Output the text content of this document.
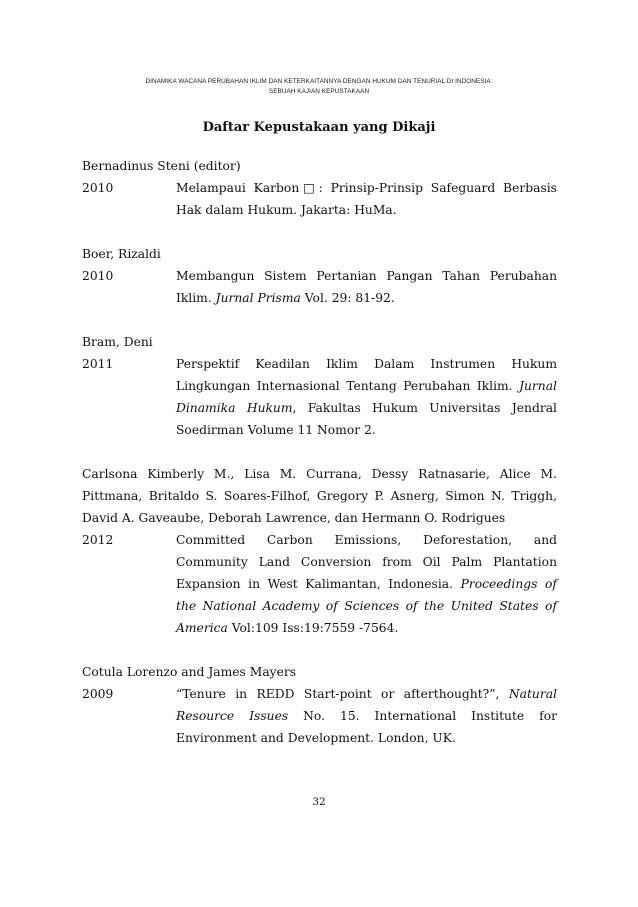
DINAMIKA WACANA PERUBAHAN IKLIM DAN KETERKAITANNYA DENGAN HUKUM DAN TENURIAL DI INDONESIA:
SEBUAH KAJIAN KEPUSTAKAAN
Daftar Kepustakaan yang Dikaji
Bernadinus Steni (editor)
2010	Melampaui Karbon□: Prinsip-Prinsip Safeguard Berbasis Hak dalam Hukum. Jakarta: HuMa.
Boer, Rizaldi
2010	Membangun Sistem Pertanian Pangan Tahan Perubahan Iklim. Jurnal Prisma Vol. 29: 81-92.
Bram, Deni
2011	Perspektif Keadilan Iklim Dalam Instrumen Hukum Lingkungan Internasional Tentang Perubahan Iklim. Jurnal Dinamika Hukum, Fakultas Hukum Universitas Jendral Soedirman Volume 11 Nomor 2.
Carlsona Kimberly M., Lisa M. Currana, Dessy Ratnasarie, Alice M. Pittmana, Britaldo S. Soares-Filhof, Gregory P. Asnerg, Simon N. Triggh, David A. Gaveaube, Deborah Lawrence, dan Hermann O. Rodrigues
2012	Committed Carbon Emissions, Deforestation, and Community Land Conversion from Oil Palm Plantation Expansion in West Kalimantan, Indonesia. Proceedings of the National Academy of Sciences of the United States of America Vol:109 Iss:19:7559 -7564.
Cotula Lorenzo and James Mayers
2009	“Tenure in REDD Start-point or afterthought?”, Natural Resource Issues No. 15. International Institute for Environment and Development. London, UK.
32
